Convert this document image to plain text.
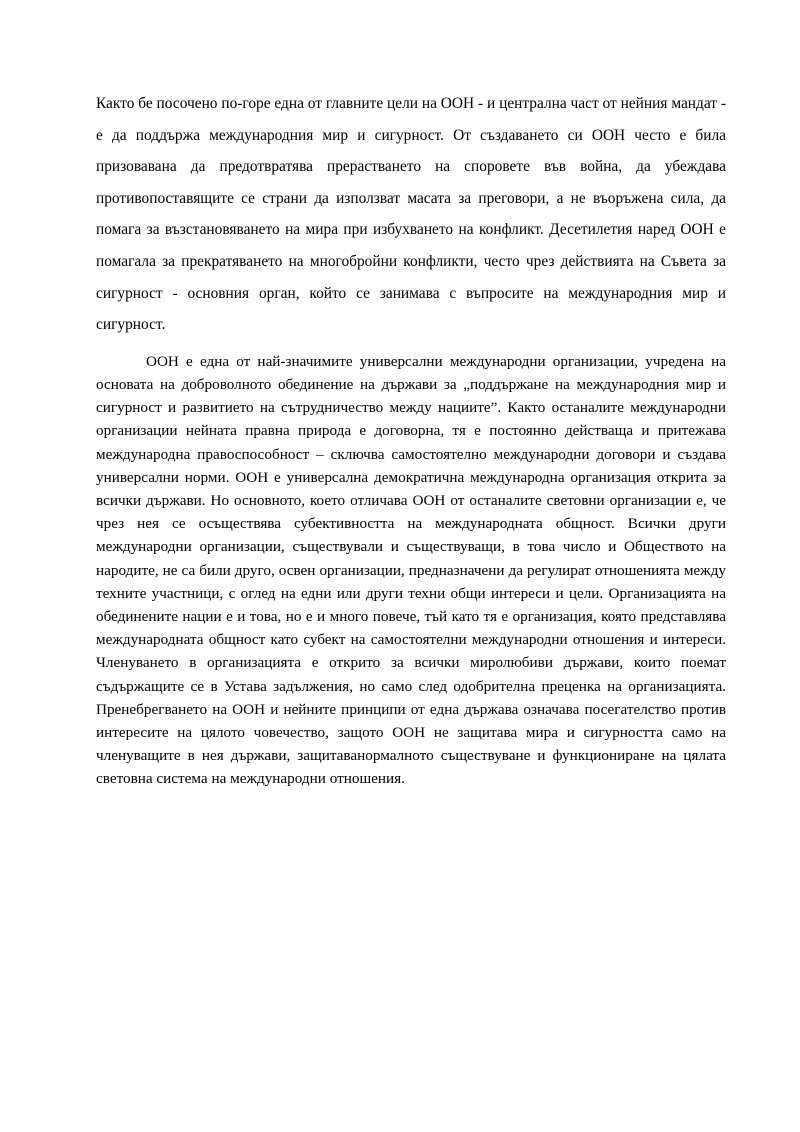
Както бе посочено по-горе една от главните цели на ООН - и централна част от нейния мандат - е да поддържа международния мир и сигурност. От създаването си ООН често е била призовавана да предотвратява прерастването на споровете във война, да убеждава противопоставящите се страни да използват масата за преговори, а не въоръжена сила, да помага за възстановяването на мира при избухването на конфликт. Десетилетия наред ООН е помагала за прекратяването на многобройни конфликти, често чрез действията на Съвета за сигурност - основния орган, който се занимава с въпросите на международния мир и сигурност.

ООН е една от най-значимите универсални международни организации, учредена на основата на доброволното обединение на държави за „поддържане на международния мир и сигурност и развитието на сътрудничество между нациите”. Както останалите международни организации нейната правна природа е договорна, тя е постоянно действаща и притежава международна правоспособност – сключва самостоятелно международни договори и създава универсални норми. ООН е универсална демократична международна организация открита за всички държави. Но основното, което отличава ООН от останалите световни организации е, че чрез нея се осъществява субективността на международната общност. Всички други международни организации, съществували и съществуващи, в това число и Обществото на народите, не са били друго, освен организации, предназначени да регулират отношенията между техните участници, с оглед на едни или други техни общи интереси и цели. Организацията на обединените нации е и това, но е и много повече, тъй като тя е организация, която представлява международната общност като субект на самостоятелни международни отношения и интереси. Членуването в организацията е открито за всички миролюбиви държави, които поемат съдържащите се в Устава задължения, но само след одобрителна преценка на организацията. Пренебрегването на ООН и нейните принципи от една държава означава посегателство против интересите на цялото човечество, защото ООН не защитава мира и сигурността само на членуващите в нея държави, защитаванормалното съществуване и функциониране на цялата световна система на международни отношения.
